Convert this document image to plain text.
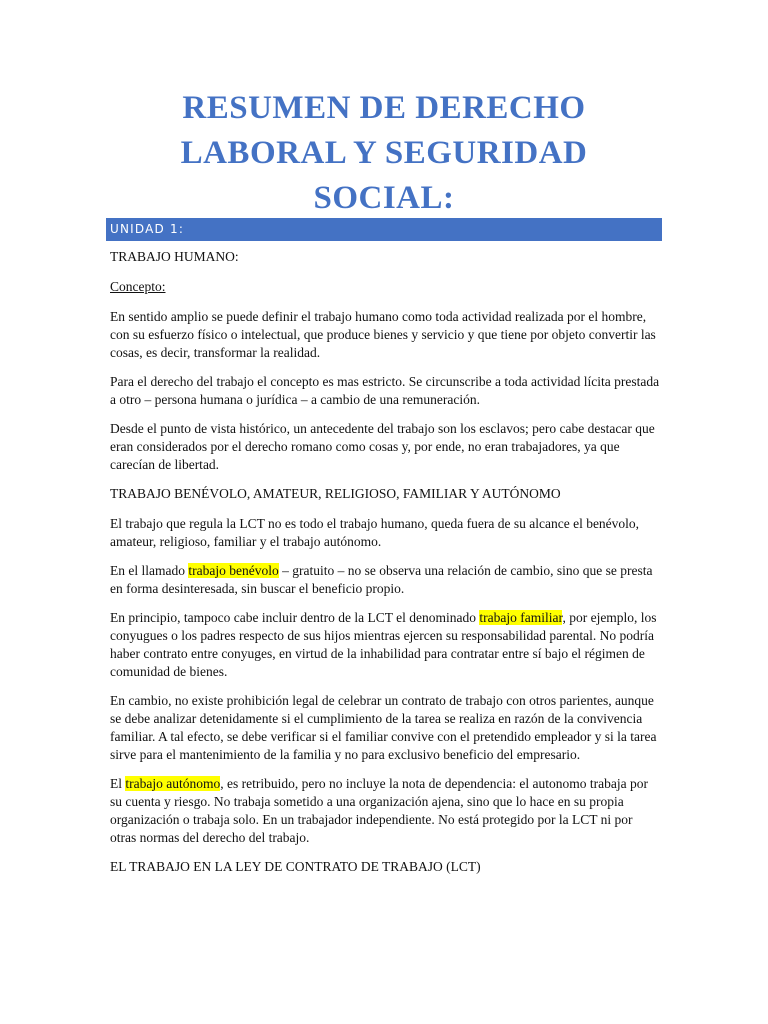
RESUMEN DE DERECHO
LABORAL Y SEGURIDAD
SOCIAL:
UNIDAD 1:

TRABAJO HUMANO:

Concepto:

En sentido amplio se puede definir el trabajo humano como toda actividad realizada por el hombre, con su esfuerzo físico o intelectual, que produce bienes y servicio y que tiene por objeto convertir las cosas, es decir, transformar la realidad.

Para el derecho del trabajo el concepto es mas estricto. Se circunscribe a toda actividad lícita prestada a otro – persona humana o jurídica – a cambio de una remuneración.

Desde el punto de vista histórico, un antecedente del trabajo son los esclavos; pero cabe destacar que eran considerados por el derecho romano como cosas y, por ende, no eran trabajadores, ya que carecían de libertad.

TRABAJO BENÉVOLO, AMATEUR, RELIGIOSO, FAMILIAR Y AUTÓNOMO

El trabajo que regula la LCT no es todo el trabajo humano, queda fuera de su alcance el benévolo, amateur, religioso, familiar y el trabajo autónomo.

En el llamado trabajo benévolo – gratuito – no se observa una relación de cambio, sino que se presta en forma desinteresada, sin buscar el beneficio propio.

En principio, tampoco cabe incluir dentro de la LCT el denominado trabajo familiar, por ejemplo, los conyugues o los padres respecto de sus hijos mientras ejercen su responsabilidad parental. No podría haber contrato entre conyuges, en virtud de la inhabilidad para contratar entre sí bajo el régimen de comunidad de bienes.

En cambio, no existe prohibición legal de celebrar un contrato de trabajo con otros parientes, aunque se debe analizar detenidamente si el cumplimiento de la tarea se realiza en razón de la convivencia familiar. A tal efecto, se debe verificar si el familiar convive con el pretendido empleador y si la tarea sirve para el mantenimiento de la familia y no para exclusivo beneficio del empresario.

El trabajo autónomo, es retribuido, pero no incluye la nota de dependencia: el autonomo trabaja por su cuenta y riesgo. No trabaja sometido a una organización ajena, sino que lo hace en su propia organización o trabaja solo. En un trabajador independiente. No está protegido por la LCT ni por otras normas del derecho del trabajo.

EL TRABAJO EN LA LEY DE CONTRATO DE TRABAJO (LCT)
